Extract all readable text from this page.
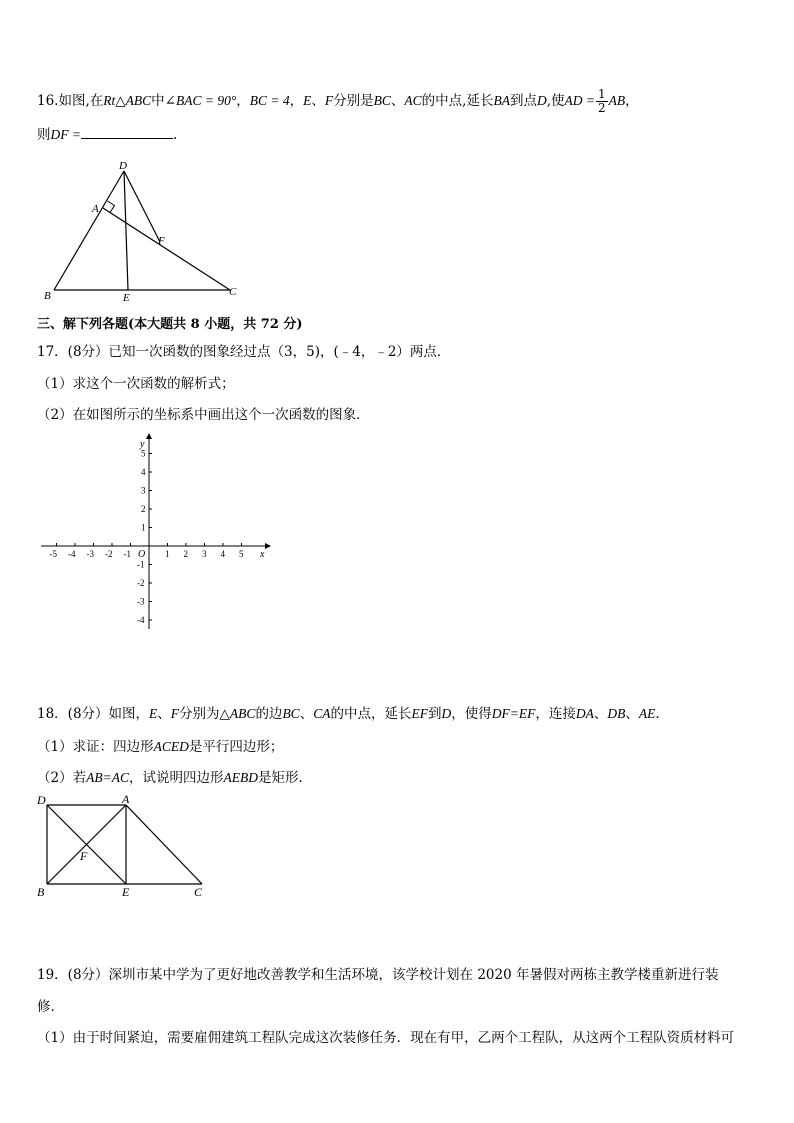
16.如图,在Rt△ABC中∠BAC = 90°，BC = 4，E、F分别是BC、AC的中点,延长BA到点D,使AD = $\frac{1}{2}$ AB，
则DF =	.
D
A
F
B	E	C
三、解下列各题(本大题共 8 小题，共 72 分)
17．(8分）已知一次函数的图象经过点（3，5)，(﹣4，﹣2）两点．
（1）求这个一次函数的解析式；
（2）在如图所示的坐标系中画出这个一次函数的图象．
-5 -4 -3 -2 -1	1 2 3 4 5
5
4
3
2
1
-1
-2
-3
-4
x
y
O
18．(8分）如图，E、F分别为△ABC的边BC、CA的中点，延长EF到D，使得DF=EF，连接DA、DB、AE.
（1）求证：四边形ACED是平行四边形；
（2）若AB=AC，试说明四边形AEBD是矩形．
D	A
F
B	E	C
19．(8分）深圳市某中学为了更好地改善教学和生活环境，该学校计划在 2020 年暑假对两栋主教学楼重新进行装
修．
（1）由于时间紧迫，需要雇佣建筑工程队完成这次装修任务．现在有甲，乙两个工程队，从这两个工程队资质材料可
